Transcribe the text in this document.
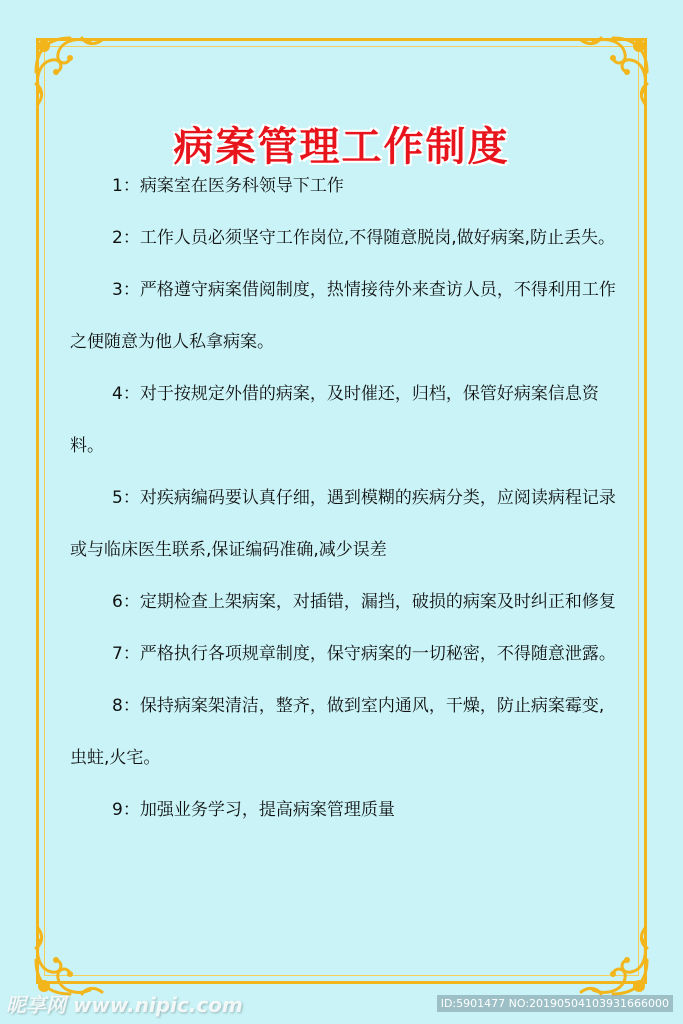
病案管理工作制度

1：病案室在医务科领导下工作

2：工作人员必须坚守工作岗位,不得随意脱岗,做好病案,防止丢失。

3：严格遵守病案借阅制度，热情接待外来查访人员，不得利用工作之便随意为他人私拿病案。

4：对于按规定外借的病案，及时催还，归档，保管好病案信息资料。

5：对疾病编码要认真仔细，遇到模糊的疾病分类，应阅读病程记录或与临床医生联系,保证编码准确,减少误差

6：定期检查上架病案，对插错，漏挡，破损的病案及时纠正和修复

7：严格执行各项规章制度，保守病案的一切秘密，不得随意泄露。

8：保持病案架清洁，整齐，做到室内通风，干燥，防止病案霉变,虫蛀,火宅。

9：加强业务学习，提高病案管理质量

昵享网 www.nipic.com	ID:5901477 NO:20190504103931666000
